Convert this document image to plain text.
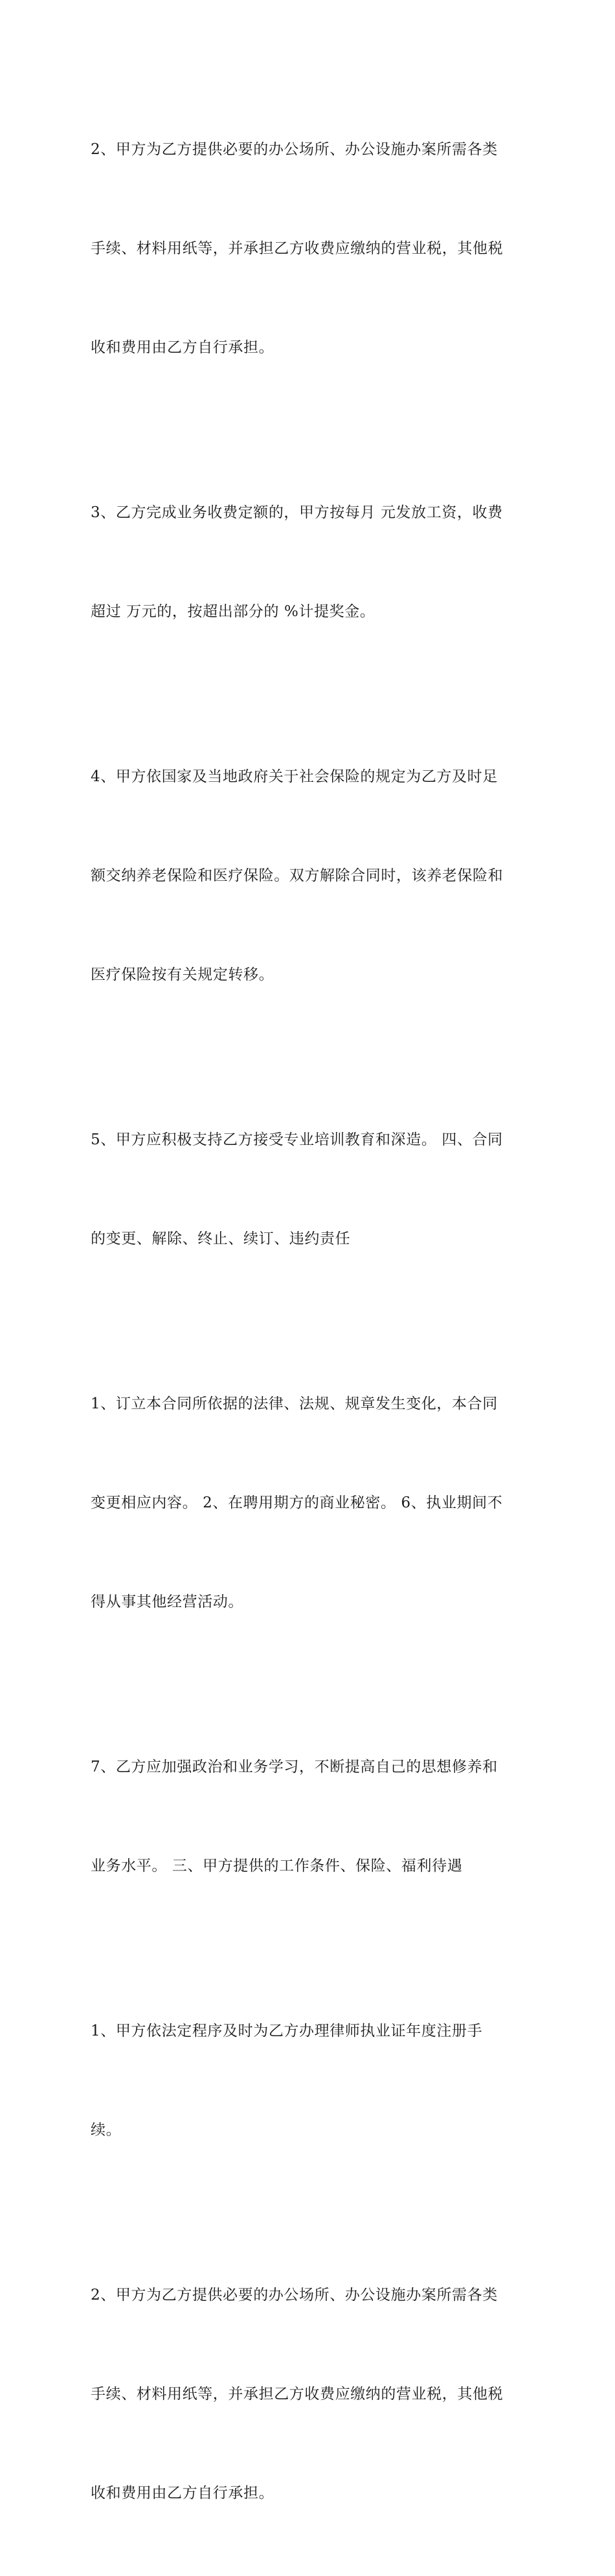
2、甲方为乙方提供必要的办公场所、办公设施办案所需各类

手续、材料用纸等，并承担乙方收费应缴纳的营业税，其他税

收和费用由乙方自行承担。

3、乙方完成业务收费定额的，甲方按每月 元发放工资，收费

超过 万元的，按超出部分的 %计提奖金。

4、甲方依国家及当地政府关于社会保险的规定为乙方及时足

额交纳养老保险和医疗保险。双方解除合同时，该养老保险和

医疗保险按有关规定转移。

5、甲方应积极支持乙方接受专业培训教育和深造。 四、合同

的变更、解除、终止、续订、违约责任

1、订立本合同所依据的法律、法规、规章发生变化，本合同

变更相应内容。 2、在聘用期方的商业秘密。 6、执业期间不

得从事其他经营活动。

7、乙方应加强政治和业务学习，不断提高自己的思想修养和

业务水平。 三、甲方提供的工作条件、保险、福利待遇

1、甲方依法定程序及时为乙方办理律师执业证年度注册手

续。

2、甲方为乙方提供必要的办公场所、办公设施办案所需各类

手续、材料用纸等，并承担乙方收费应缴纳的营业税，其他税

收和费用由乙方自行承担。
